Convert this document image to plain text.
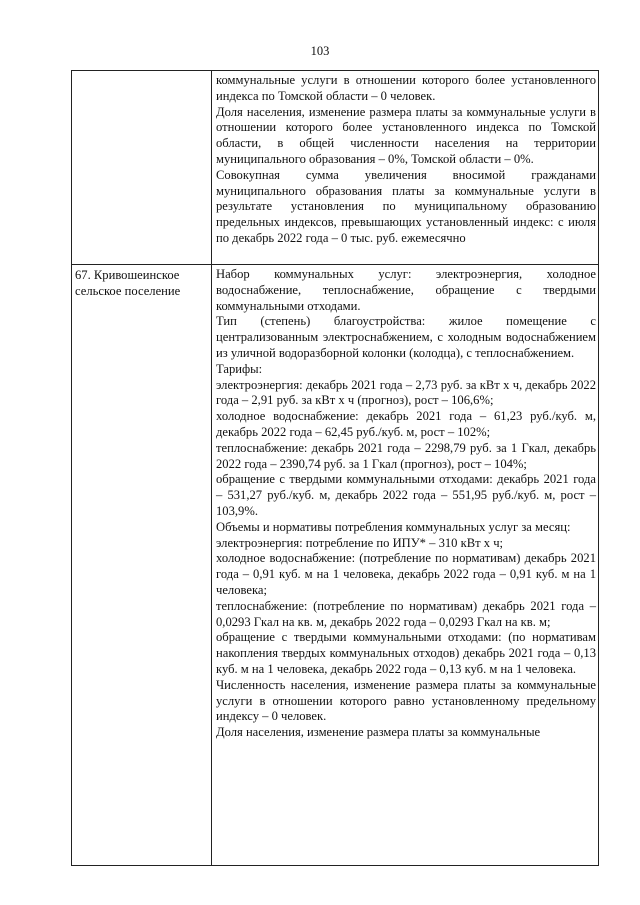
103

коммунальные услуги в отношении которого более установленного индекса по Томской области – 0 человек.

Доля населения, изменение размера платы за коммунальные услуги в отношении которого более установленного индекса по Томской области, в общей численности населения на территории муниципального образования – 0%, Томской области – 0%.

Совокупная сумма увеличения вносимой гражданами муниципального образования платы за коммунальные услуги в результате установления по муниципальному образованию предельных индексов, превышающих установленный индекс: с июля по декабрь 2022 года – 0 тыс. руб. ежемесячно

67. Кривошеинское сельское поселение

Набор коммунальных услуг: электроэнергия, холодное водоснабжение, теплоснабжение, обращение с твердыми коммунальными отходами.

Тип (степень) благоустройства: жилое помещение с централизованным электроснабжением, с холодным водоснабжением из уличной водоразборной колонки (колодца), с теплоснабжением.

Тарифы:

электроэнергия: декабрь 2021 года – 2,73 руб. за кВт х ч, декабрь 2022 года – 2,91 руб. за кВт х ч (прогноз), рост – 106,6%;

холодное водоснабжение: декабрь 2021 года – 61,23 руб./куб. м, декабрь 2022 года – 62,45 руб./куб. м, рост – 102%;

теплоснабжение: декабрь 2021 года – 2298,79 руб. за 1 Гкал, декабрь 2022 года – 2390,74 руб. за 1 Гкал (прогноз), рост – 104%;

обращение с твердыми коммунальными отходами: декабрь 2021 года – 531,27 руб./куб. м, декабрь 2022 года – 551,95 руб./куб. м, рост – 103,9%.

Объемы и нормативы потребления коммунальных услуг за месяц:

электроэнергия: потребление по ИПУ* – 310 кВт х ч;

холодное водоснабжение: (потребление по нормативам) декабрь 2021 года – 0,91 куб. м на 1 человека, декабрь 2022 года – 0,91 куб. м на 1 человека;

теплоснабжение: (потребление по нормативам) декабрь 2021 года – 0,0293 Гкал на кв. м, декабрь 2022 года – 0,0293 Гкал на кв. м;

обращение с твердыми коммунальными отходами: (по нормативам накопления твердых коммунальных отходов) декабрь 2021 года – 0,13 куб. м на 1 человека, декабрь 2022 года – 0,13 куб. м на 1 человека.

Численность населения, изменение размера платы за коммунальные услуги в отношении которого равно установленному предельному индексу – 0 человек.

Доля населения, изменение размера платы за коммунальные
